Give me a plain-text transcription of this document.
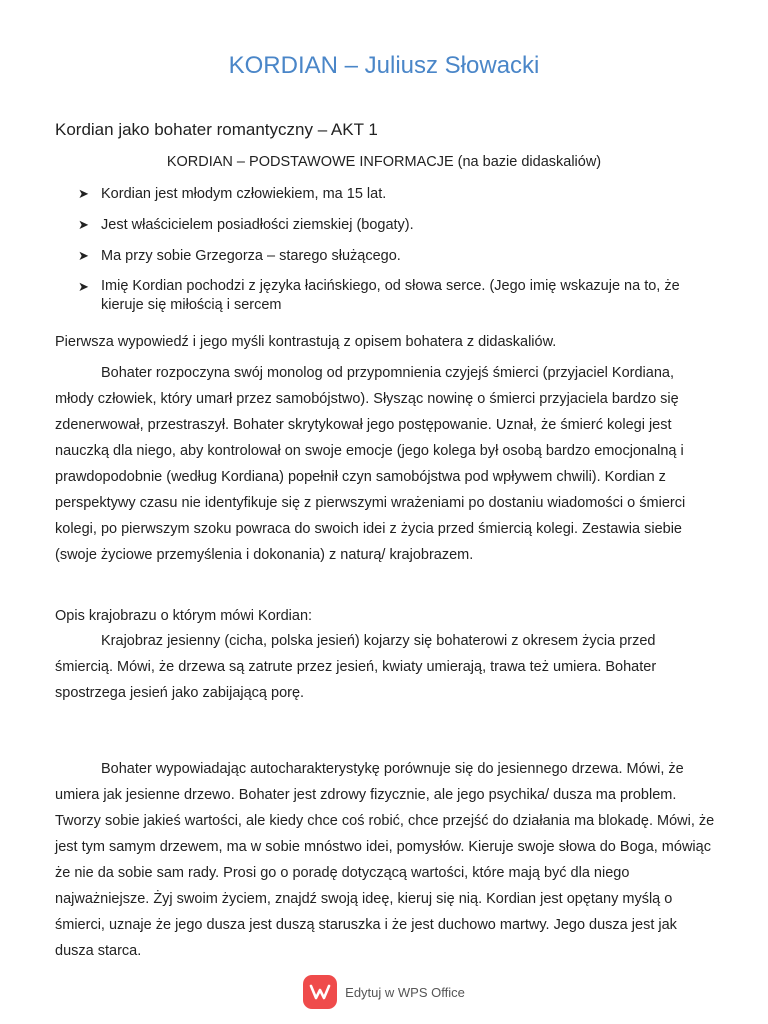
KORDIAN – Juliusz Słowacki
Kordian jako bohater romantyczny – AKT 1
KORDIAN – PODSTAWOWE INFORMACJE (na bazie didaskaliów)
➤ Kordian jest młodym człowiekiem, ma 15 lat.
➤ Jest właścicielem posiadłości ziemskiej (bogaty).
➤ Ma przy sobie Grzegorza – starego służącego.
➤ Imię Kordian pochodzi z języka łacińskiego, od słowa serce. (Jego imię wskazuje na to, że kieruje się miłością i sercem
Pierwsza wypowiedź i jego myśli kontrastują z opisem bohatera z didaskaliów.
Bohater rozpoczyna swój monolog od przypomnienia czyjejś śmierci (przyjaciel Kordiana, młody człowiek, który umarł przez samobójstwo). Słysząc nowinę o śmierci przyjaciela bardzo się zdenerwował, przestraszył. Bohater skrytykował jego postępowanie. Uznał, że śmierć kolegi jest nauczką dla niego, aby kontrolował on swoje emocje (jego kolega był osobą bardzo emocjonalną i prawdopodobnie (według Kordiana) popełnił czyn samobójstwa pod wpływem chwili). Kordian z perspektywy czasu nie identyfikuje się z pierwszymi wrażeniami po dostaniu wiadomości o śmierci kolegi, po pierwszym szoku powraca do swoich idei z życia przed śmiercią kolegi. Zestawia siebie (swoje życiowe przemyślenia i dokonania) z naturą/ krajobrazem.
Opis krajobrazu o którym mówi Kordian:
Krajobraz jesienny (cicha, polska jesień) kojarzy się bohaterowi z okresem życia przed śmiercią. Mówi, że drzewa są zatrute przez jesień, kwiaty umierają, trawa też umiera. Bohater spostrzega jesień jako zabijającą porę.
Bohater wypowiadając autocharakterystykę porównuje się do jesiennego drzewa. Mówi, że umiera jak jesienne drzewo. Bohater jest zdrowy fizycznie, ale jego psychika/ dusza ma problem. Tworzy sobie jakieś wartości, ale kiedy chce coś robić, chce przejść do działania ma blokadę. Mówi, że jest tym samym drzewem, ma w sobie mnóstwo idei, pomysłów. Kieruje swoje słowa do Boga, mówiąc że nie da sobie sam rady. Prosi go o poradę dotyczącą wartości, które mają być dla niego najważniejsze. Żyj swoim życiem, znajdź swoją ideę, kieruj się nią. Kordian jest opętany myślą o śmierci, uznaje że jego dusza jest duszą staruszka i że jest duchowo martwy. Jego dusza jest jak dusza starca.
Edytuj w WPS Office
